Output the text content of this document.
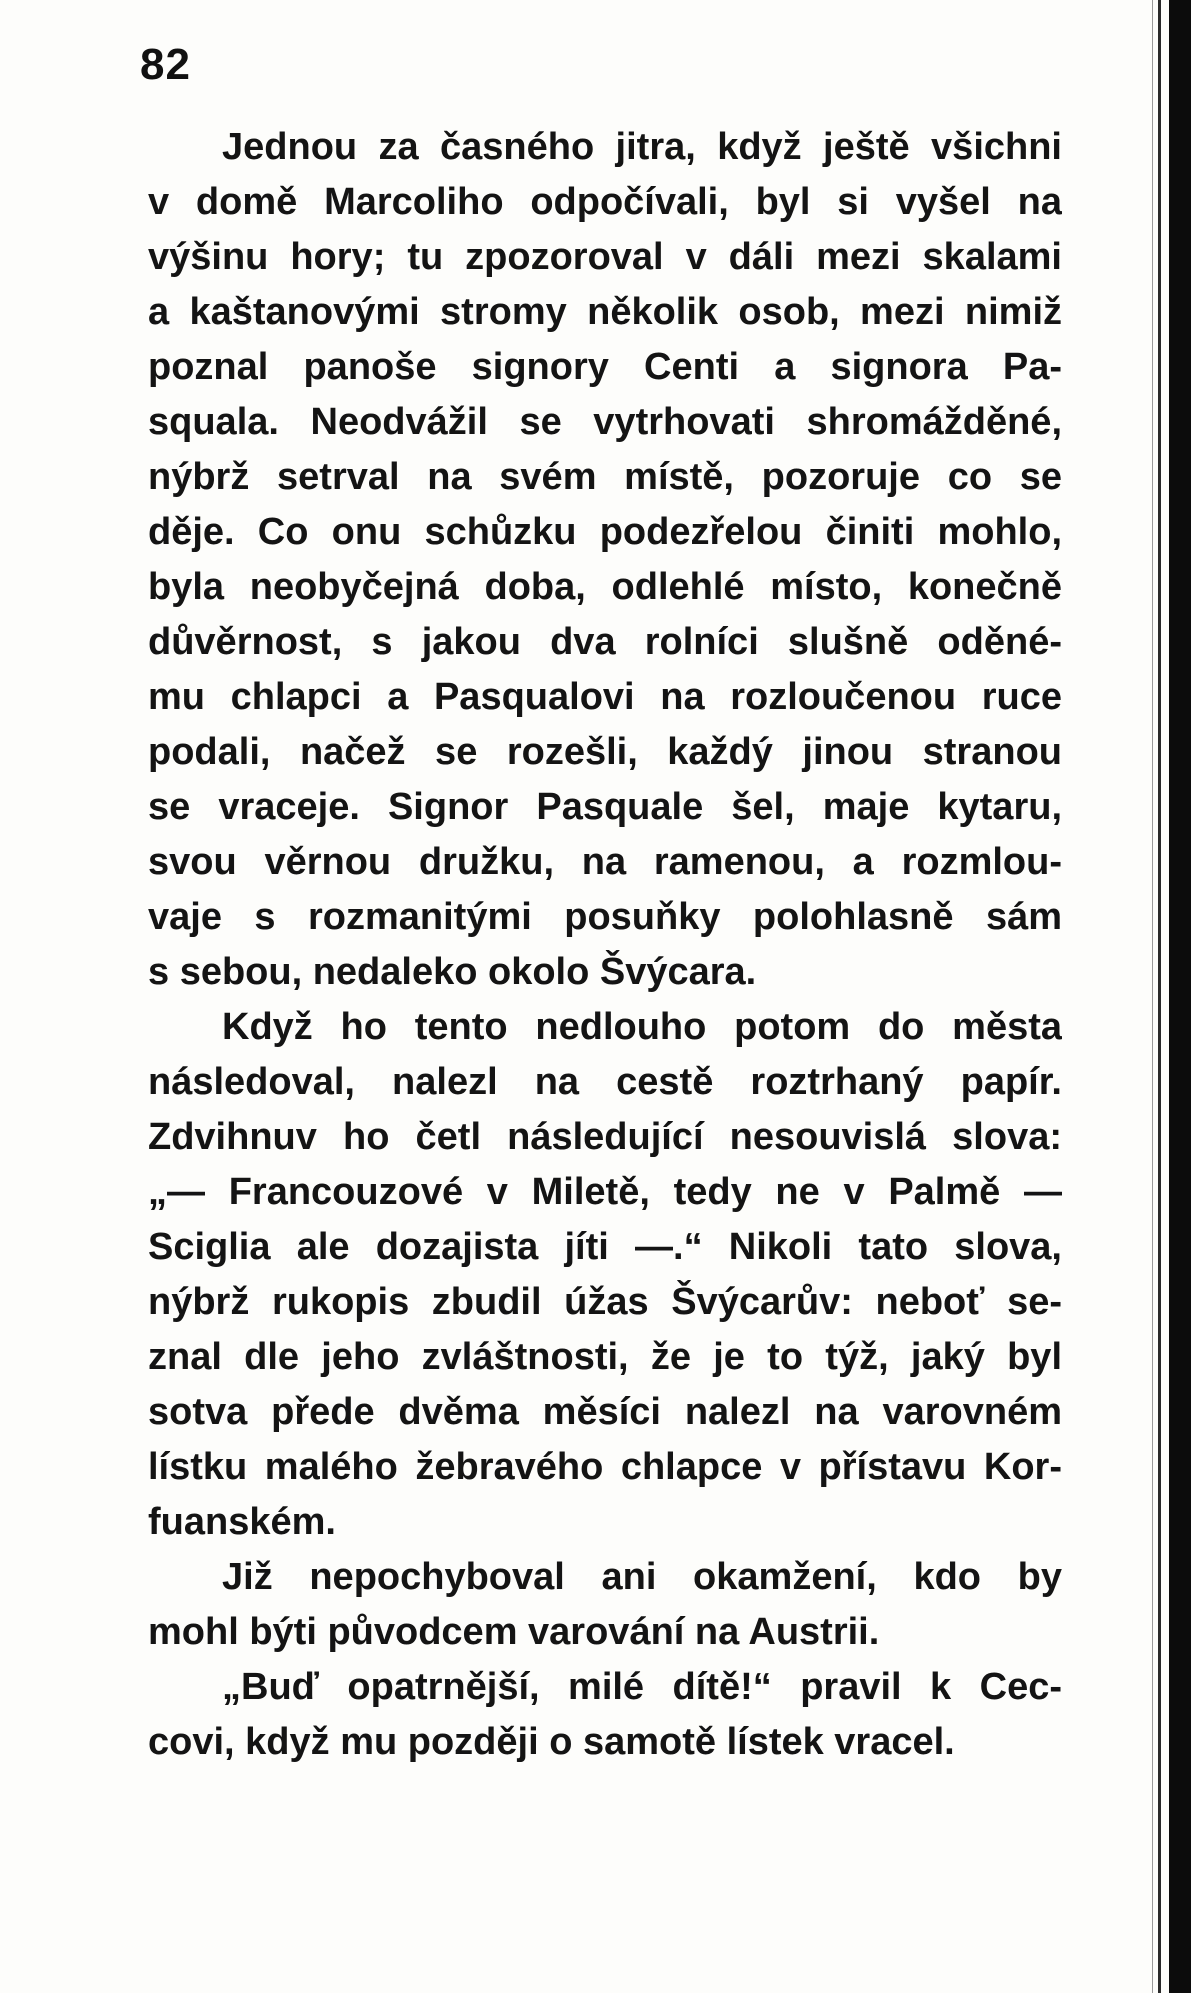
82
Jednou za časného jitra, když ještě všichni
v domě Marcoliho odpočívali, byl si vyšel na
výšinu hory; tu zpozoroval v dáli mezi skalami
a kaštanovými stromy několik osob, mezi nimiž
poznal panoše signory Centi a signora Pa-
squala. Neodvážil se vytrhovati shromážděné,
nýbrž setrval na svém místě, pozoruje co se
děje. Co onu schůzku podezřelou činiti mohlo,
byla neobyčejná doba, odlehlé místo, konečně
důvěrnost, s jakou dva rolníci slušně oděné-
mu chlapci a Pasqualovi na rozloučenou ruce
podali, načež se rozešli, každý jinou stranou
se vraceje. Signor Pasquale šel, maje kytaru,
svou věrnou družku, na ramenou, a rozmlou-
vaje s rozmanitými posuňky polohlasně sám
s sebou, nedaleko okolo Švýcara.
Když ho tento nedlouho potom do města
následoval, nalezl na cestě roztrhaný papír.
Zdvihnuv ho četl následující nesouvislá slova:
„— Francouzové v Miletě, tedy ne v Palmě —
Sciglia ale dozajista jíti —.“ Nikoli tato slova,
nýbrž rukopis zbudil úžas Švýcarův: neboť se-
znal dle jeho zvláštnosti, že je to týž, jaký byl
sotva přede dvěma měsíci nalezl na varovném
lístku malého žebravého chlapce v přístavu Kor-
fuanském.
Již nepochyboval ani okamžení, kdo by
mohl býti původcem varování na Austrii.
„Buď opatrnější, milé dítě!“ pravil k Cec-
covi, když mu později o samotě lístek vracel.
